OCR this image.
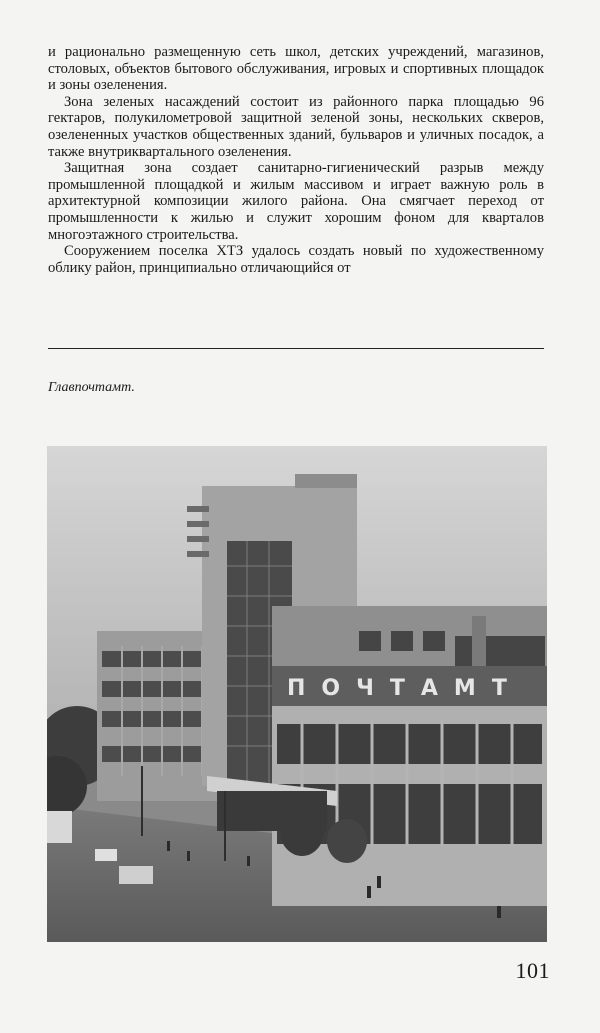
и рационально размещенную сеть школ, детских учреждений, магазинов, столовых, объектов бытового обслуживания, игровых и спортивных площадок и зоны озеленения.

Зона зеленых насаждений состоит из районного парка площадью 96 гектаров, полукилометровой защитной зеленой зоны, нескольких скверов, озелененных участков общественных зданий, бульваров и уличных посадок, а также внутриквартального озеленения.

Защитная зона создает санитарно-гигиенический разрыв между промышленной площадкой и жилым массивом и играет важную роль в архитектурной композиции жилого района. Она смягчает переход от промышленности к жилью и служит хорошим фоном для кварталов многоэтажного строительства.

Сооружением поселка ХТЗ удалось создать новый по художественному облику район, принципиально отличающийся от

Главпочтамт.
ПОЧТАМТ
101
